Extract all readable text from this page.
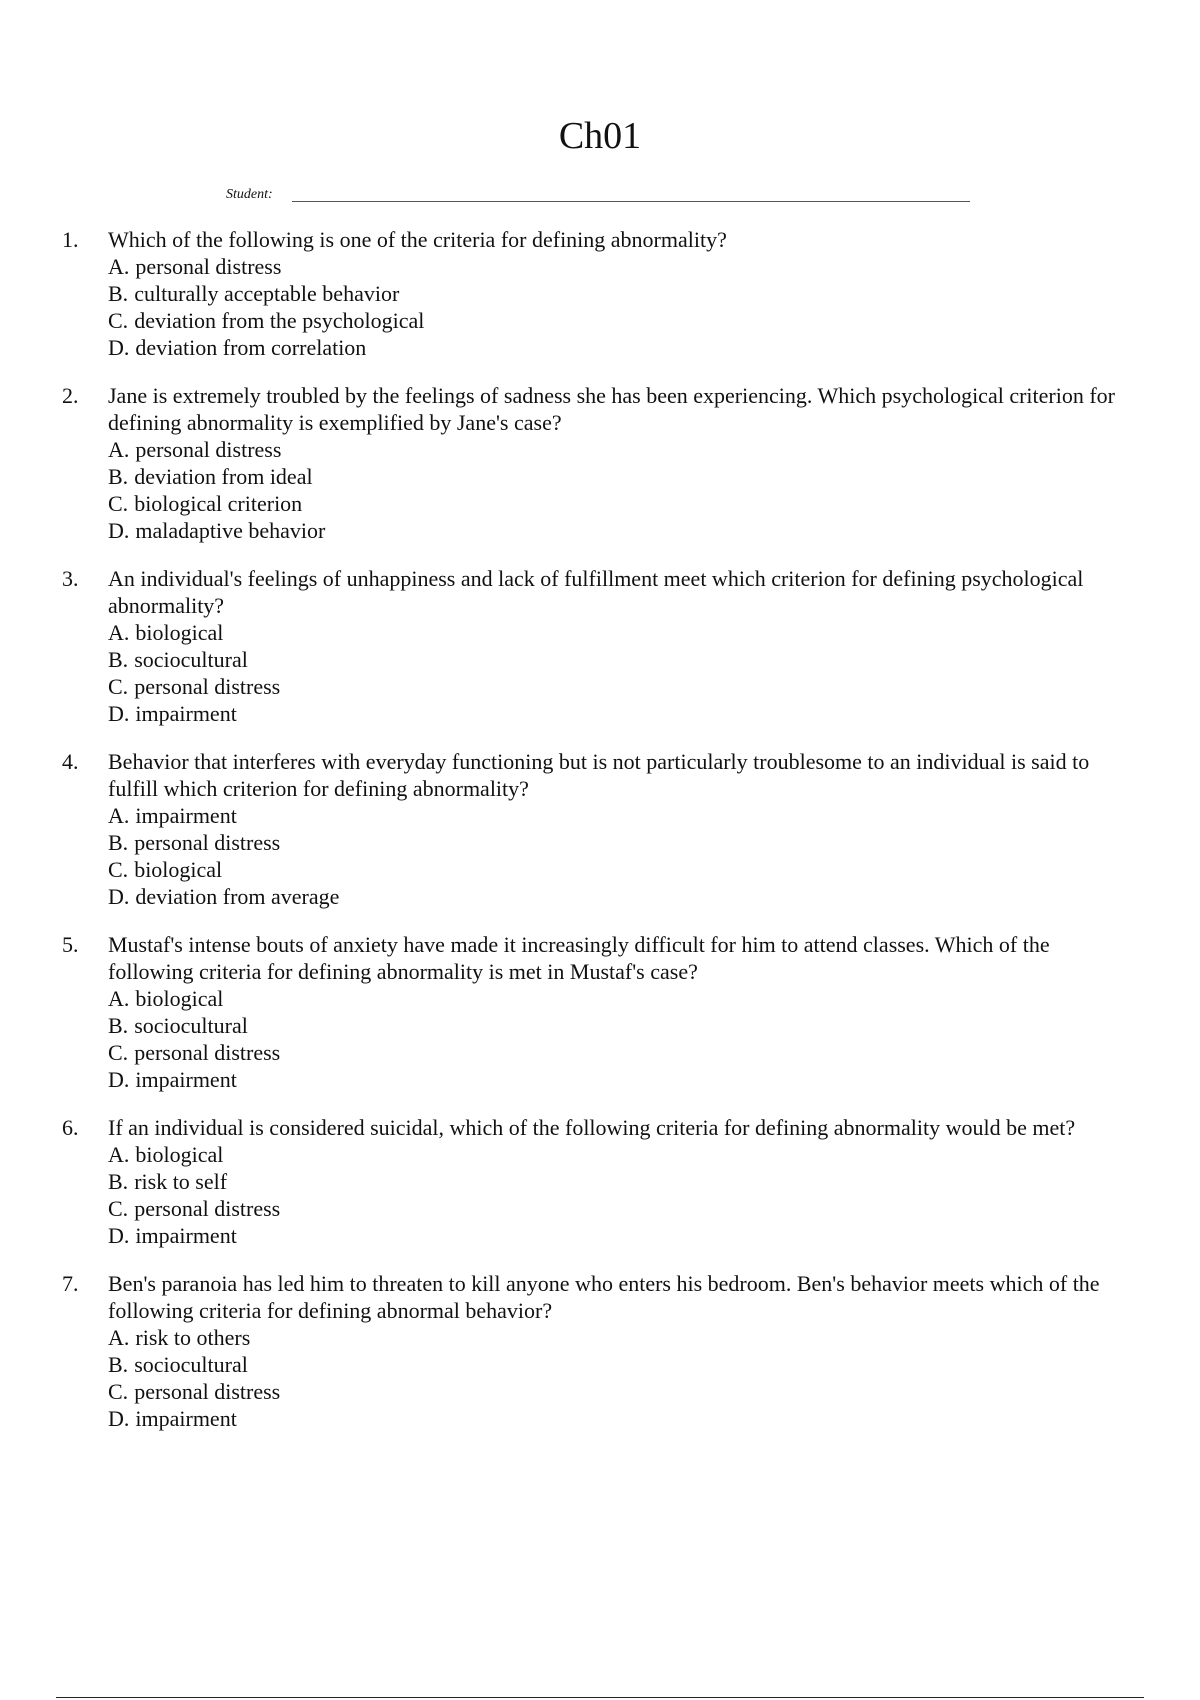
Ch01
Student:
1. Which of the following is one of the criteria for defining abnormality?
A. personal distress
B. culturally acceptable behavior
C. deviation from the psychological
D. deviation from correlation
2. Jane is extremely troubled by the feelings of sadness she has been experiencing. Which psychological criterion for defining abnormality is exemplified by Jane's case?
A. personal distress
B. deviation from ideal
C. biological criterion
D. maladaptive behavior
3. An individual's feelings of unhappiness and lack of fulfillment meet which criterion for defining psychological abnormality?
A. biological
B. sociocultural
C. personal distress
D. impairment
4. Behavior that interferes with everyday functioning but is not particularly troublesome to an individual is said to fulfill which criterion for defining abnormality?
A. impairment
B. personal distress
C. biological
D. deviation from average
5. Mustaf's intense bouts of anxiety have made it increasingly difficult for him to attend classes. Which of the following criteria for defining abnormality is met in Mustaf's case?
A. biological
B. sociocultural
C. personal distress
D. impairment
6. If an individual is considered suicidal, which of the following criteria for defining abnormality would be met?
A. biological
B. risk to self
C. personal distress
D. impairment
7. Ben's paranoia has led him to threaten to kill anyone who enters his bedroom. Ben's behavior meets which of the following criteria for defining abnormal behavior?
A. risk to others
B. sociocultural
C. personal distress
D. impairment
